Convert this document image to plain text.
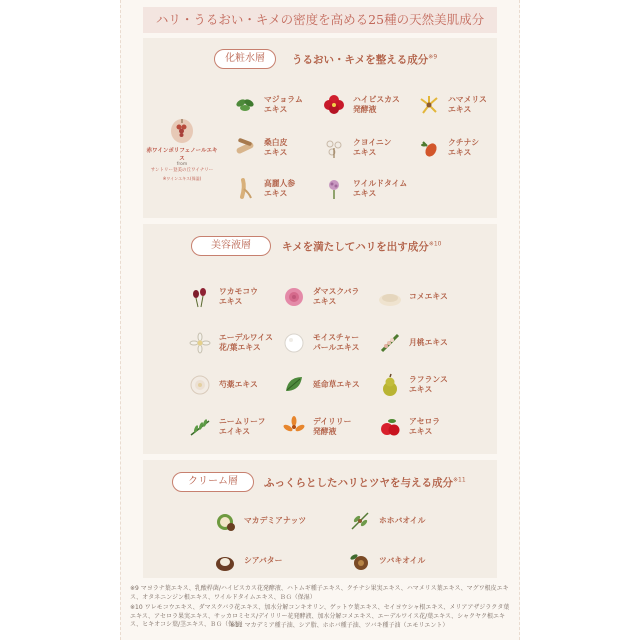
ハリ・うるおい・キメの密度を高める25種の天然美肌成分
化粧水層	うるおい・キメを整える成分$^{※9}$
赤ワインポリフェノールエキス
from
サントリー登美の丘ワイナリー
※ワインエキス(保湿)
マジョラム
エキス
ハイビスカス
発酵液
ハマメリス
エキス
桑白皮
エキス
クヨイニン
エキス
クチナシ
エキス
高麗人参
エキス
ワイルドタイム
エキス
美容液層	キメを満たしてハリを出す成分$^{※10}$
ワカモコウ
エキス
ダマスクバラ
エキス
コメエキス
エーデルワイス
花/葉エキス
モイスチャー
パールエキス
月桃エキス
芍薬エキス	延命草エキス
ラフランス
エキス
ニームリーフ
エイキス
デイリリー
発酵液
アセロラ
エキス
クリーム層	ふっくらとしたハリとツヤを与える成分$^{※11}$
マカデミアナッツ	ホホバオイル
シアバター	ツバキオイル
※9 マヨラナ葉エキス、乳酸桿菌/ハイビスカス花発酵液、ハトムギ種子エキス、クチナシ果実エキス、ハマメリス葉エキス、マグワ根皮エキス、オタネニンジン根エキス、ワイルドタイムエキス、ＢＧ（保湿）
※10 ワレモコウエキス、ダマスクバラ花エキス、加水分解コンキオリン、ゲットウ葉エキス、セイヨウシャ根エキス、メリアアザジラクタ葉エキス、アセロラ果実エキス、サッカロミセス/デイリリー花発酵液、加水分解コメエキス、エーデルワイス花/葉エキス、シャクヤク根エキス、ヒキオコシ葉/茎エキス、ＢＧ（保湿）
※11 マカデミア種子油、シア脂、ホホバ種子油、ツバキ種子油（エモリエント）
